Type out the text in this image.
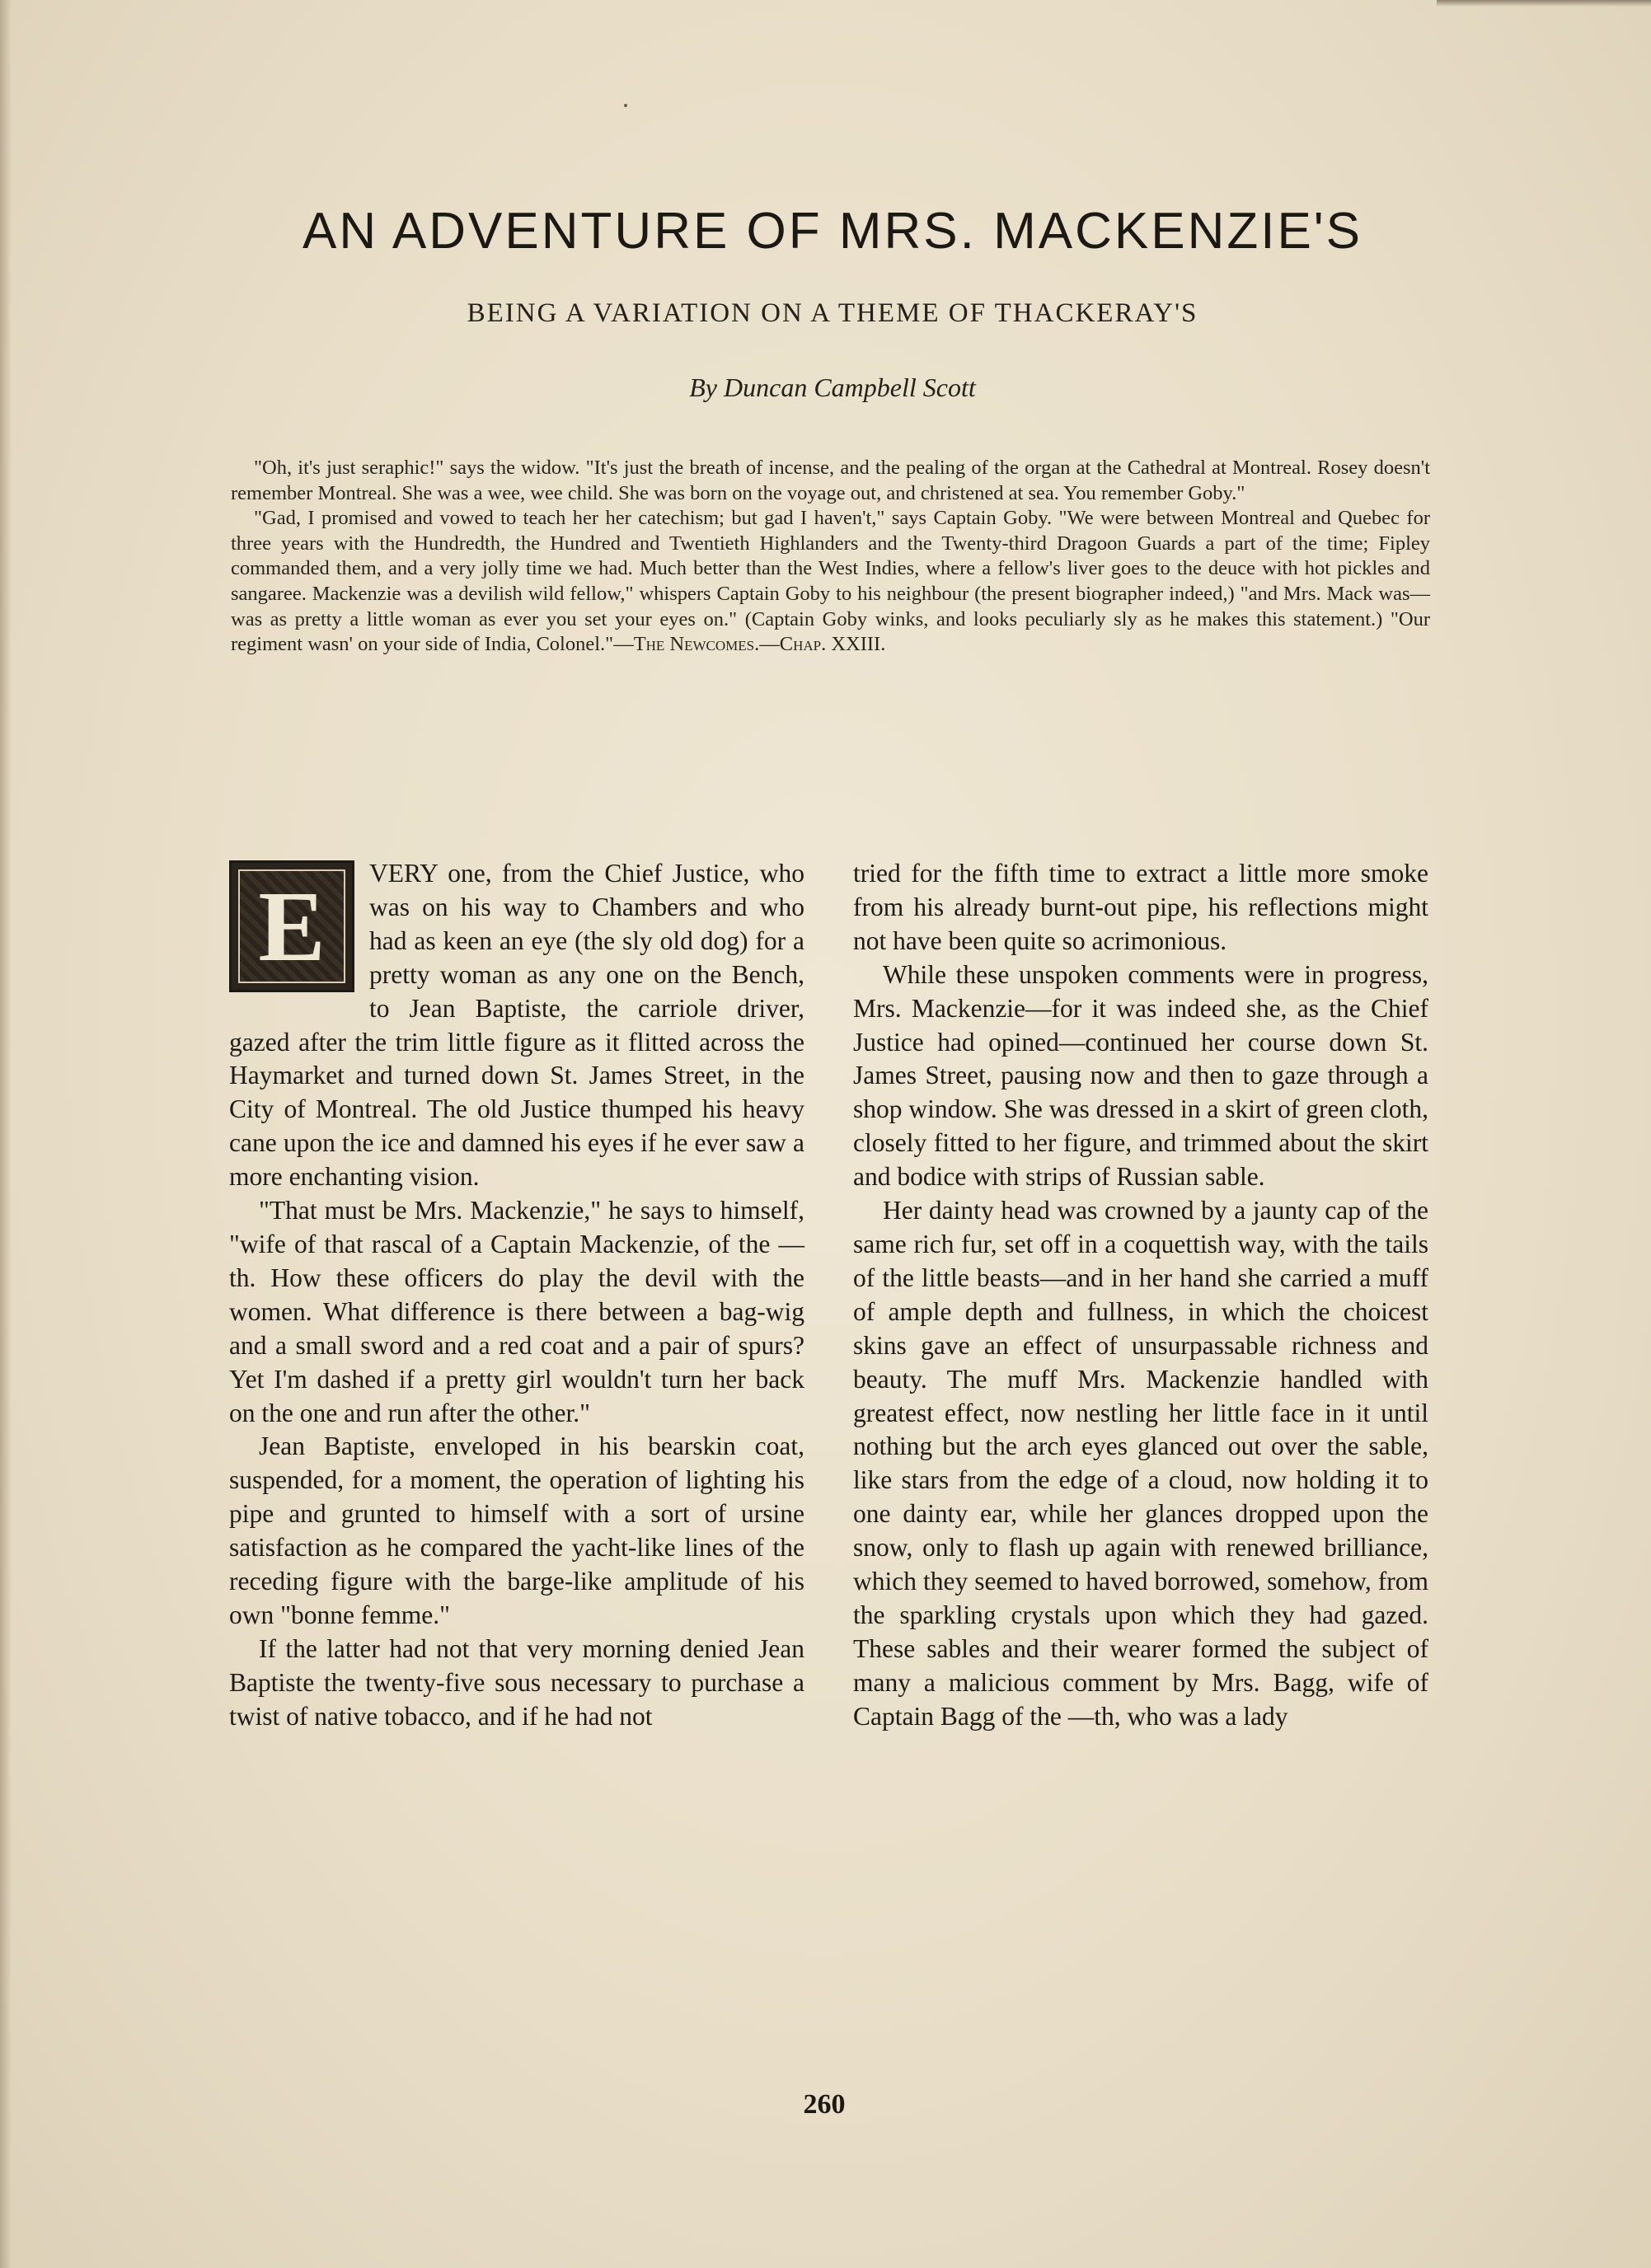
AN ADVENTURE OF MRS. MACKENZIE'S
BEING A VARIATION ON A THEME OF THACKERAY'S
By Duncan Campbell Scott

"Oh, it's just seraphic!" says the widow. "It's just the breath of incense, and the pealing of the organ at the Cathedral at Montreal. Rosey doesn't remember Montreal. She was a wee, wee child. She was born on the voyage out, and christened at sea. You remember Goby."

"Gad, I promised and vowed to teach her her catechism; but gad I haven't," says Captain Goby. "We were between Montreal and Quebec for three years with the Hundredth, the Hundred and Twentieth Highlanders and the Twenty-third Dragoon Guards a part of the time; Fipley commanded them, and a very jolly time we had. Much better than the West Indies, where a fellow's liver goes to the deuce with hot pickles and sangaree. Mackenzie was a devilish wild fellow," whispers Captain Goby to his neighbour (the present biographer indeed,) "and Mrs. Mack was—was as pretty a little woman as ever you set your eyes on." (Captain Goby winks, and looks peculiarly sly as he makes this statement.) "Our regiment wasn' on your side of India, Colonel."—The Newcomes.—Chap. XXIII.

E	VERY one, from the Chief Justice, who was on his way to Chambers and who had as keen an eye (the sly old dog) for a pretty woman as any one on the Bench, to Jean Baptiste, the carriole driver, gazed after the trim little figure as it flitted across the Haymarket and turned down St. James Street, in the City of Montreal. The old Justice thumped his heavy cane upon the ice and damned his eyes if he ever saw a more enchanting vision.

"That must be Mrs. Mackenzie," he says to himself, "wife of that rascal of a Captain Mackenzie, of the —th. How these officers do play the devil with the women. What difference is there between a bag-wig and a small sword and a red coat and a pair of spurs? Yet I'm dashed if a pretty girl wouldn't turn her back on the one and run after the other."

Jean Baptiste, enveloped in his bearskin coat, suspended, for a moment, the operation of lighting his pipe and grunted to himself with a sort of ursine satisfaction as he compared the yacht-like lines of the receding figure with the barge-like amplitude of his own "bonne femme."

If the latter had not that very morning denied Jean Baptiste the twenty-five sous necessary to purchase a twist of native tobacco, and if he had not

tried for the fifth time to extract a little more smoke from his already burnt-out pipe, his reflections might not have been quite so acrimonious.

While these unspoken comments were in progress, Mrs. Mackenzie—for it was indeed she, as the Chief Justice had opined—continued her course down St. James Street, pausing now and then to gaze through a shop window. She was dressed in a skirt of green cloth, closely fitted to her figure, and trimmed about the skirt and bodice with strips of Russian sable.

Her dainty head was crowned by a jaunty cap of the same rich fur, set off in a coquettish way, with the tails of the little beasts—and in her hand she carried a muff of ample depth and fullness, in which the choicest skins gave an effect of unsurpassable richness and beauty. The muff Mrs. Mackenzie handled with greatest effect, now nestling her little face in it until nothing but the arch eyes glanced out over the sable, like stars from the edge of a cloud, now holding it to one dainty ear, while her glances dropped upon the snow, only to flash up again with renewed brilliance, which they seemed to haved borrowed, somehow, from the sparkling crystals upon which they had gazed. These sables and their wearer formed the subject of many a malicious comment by Mrs. Bagg, wife of Captain Bagg of the —th, who was a lady

260
